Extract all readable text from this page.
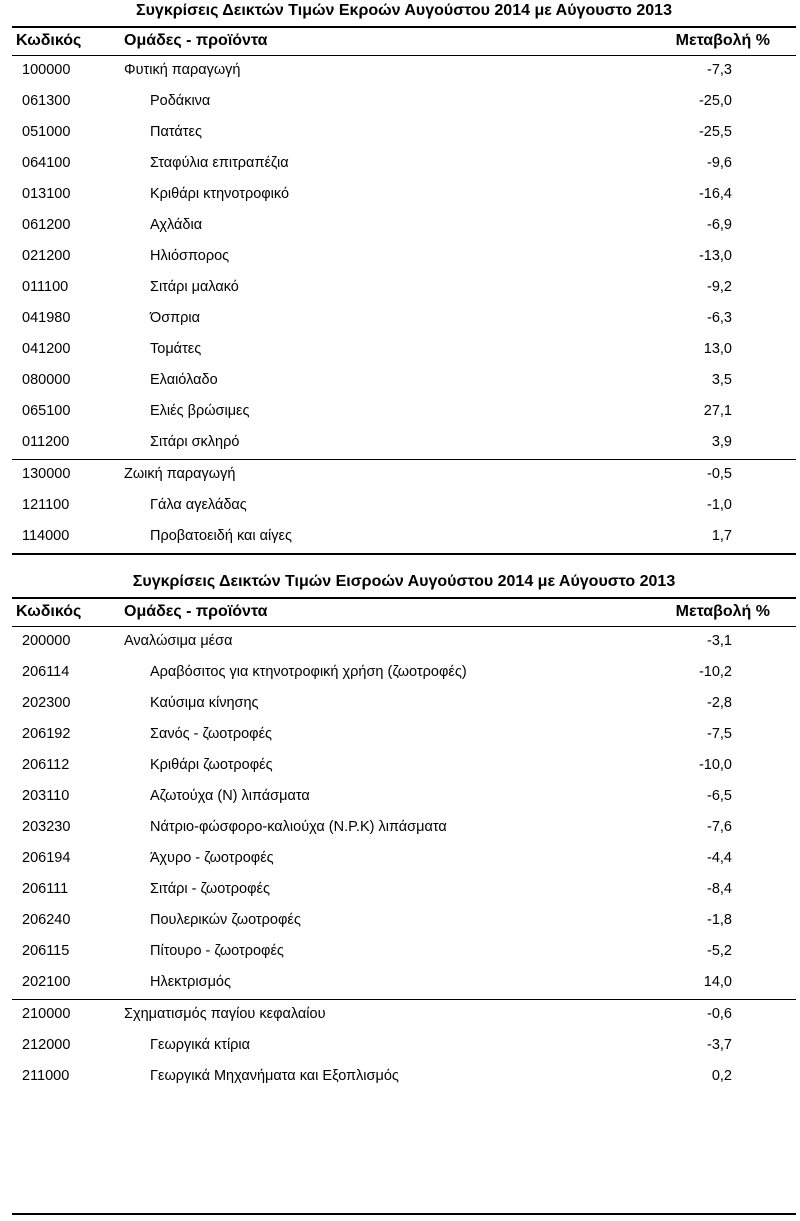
Συγκρίσεις Δεικτών Τιμών Εκροών Αυγούστου 2014 με Αύγουστο 2013
Κωδικός	Ομάδες - προϊόντα	Μεταβολή %
100000	Φυτική παραγωγή	-7,3
061300	Ροδάκινα	-25,0
051000	Πατάτες	-25,5
064100	Σταφύλια επιτραπέζια	-9,6
013100	Κριθάρι κτηνοτροφικό	-16,4
061200	Αχλάδια	-6,9
021200	Ηλιόσπορος	-13,0
011100	Σιτάρι μαλακό	-9,2
041980	Όσπρια	-6,3
041200	Τομάτες	13,0
080000	Ελαιόλαδο	3,5
065100	Ελιές βρώσιμες	27,1
011200	Σιτάρι σκληρό	3,9
130000	Ζωική παραγωγή	-0,5
121100	Γάλα αγελάδας	-1,0
114000	Προβατοειδή και αίγες	1,7
Συγκρίσεις Δεικτών Τιμών Εισροών Αυγούστου 2014 με Αύγουστο 2013
Κωδικός	Ομάδες - προϊόντα	Μεταβολή %
200000	Αναλώσιμα μέσα	-3,1
206114	Αραβόσιτος για κτηνοτροφική χρήση (ζωοτροφές)	-10,2
202300	Καύσιμα κίνησης	-2,8
206192	Σανός - ζωοτροφές	-7,5
206112	Κριθάρι ζωοτροφές	-10,0
203110	Αζωτούχα (Ν) λιπάσματα	-6,5
203230	Νάτριο-φώσφορο-καλιούχα (Ν.Ρ.Κ) λιπάσματα	-7,6
206194	Άχυρο - ζωοτροφές	-4,4
206111	Σιτάρι - ζωοτροφές	-8,4
206240	Πουλερικών ζωοτροφές	-1,8
206115	Πίτουρο - ζωοτροφές	-5,2
202100	Ηλεκτρισμός	14,0
210000	Σχηματισμός παγίου κεφαλαίου	-0,6
212000	Γεωργικά κτίρια	-3,7
211000	Γεωργικά Μηχανήματα και Εξοπλισμός	0,2
